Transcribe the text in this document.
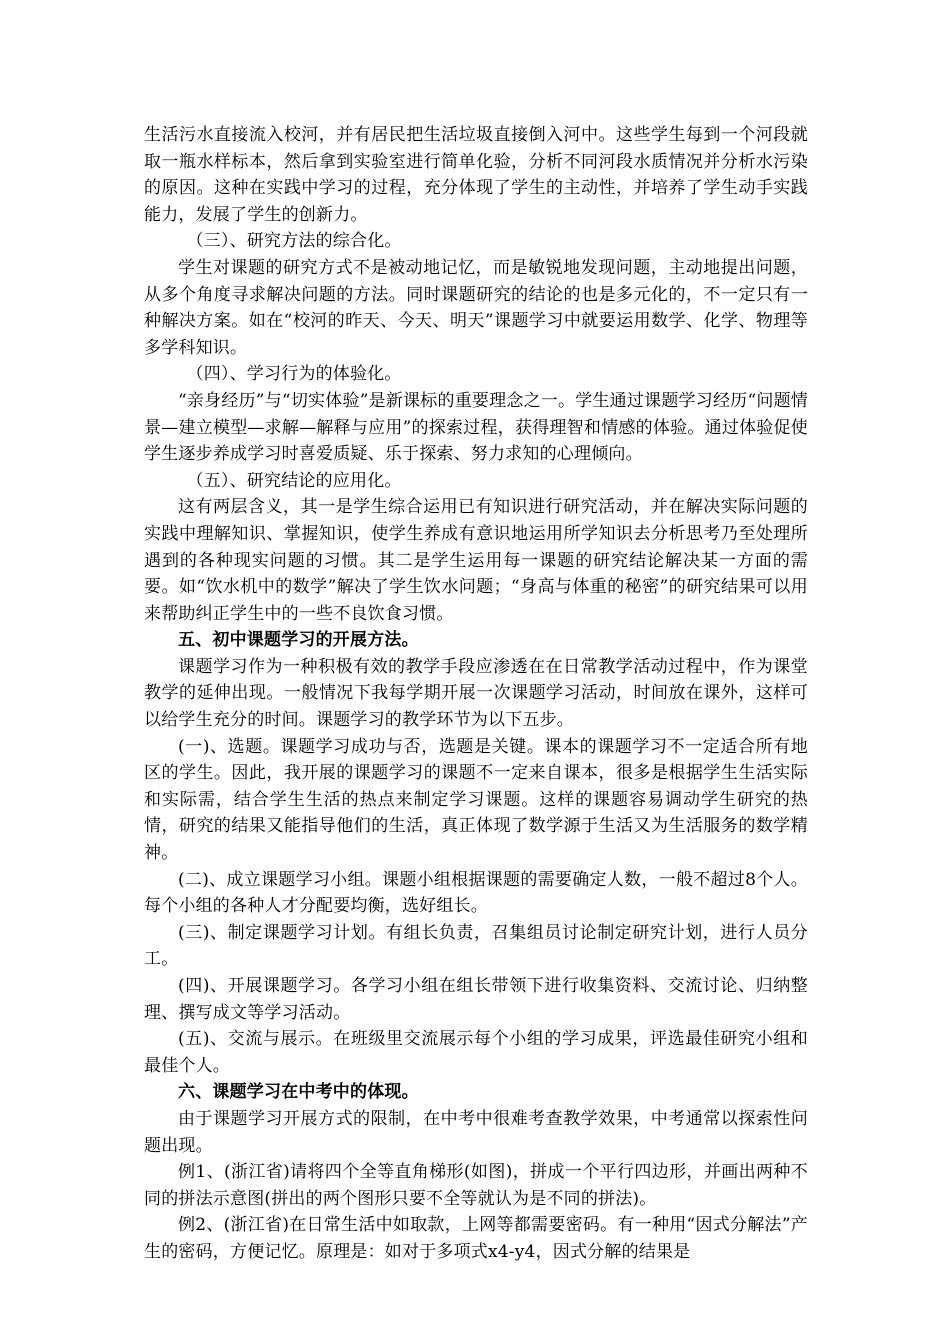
生活污水直接流入校河，并有居民把生活垃圾直接倒入河中。这些学生每到一个河段就取一瓶水样标本，然后拿到实验室进行简单化验，分析不同河段水质情况并分析水污染的原因。这种在实践中学习的过程，充分体现了学生的主动性，并培养了学生动手实践能力，发展了学生的创新力。

（三）、研究方法的综合化。

学生对课题的研究方式不是被动地记忆，而是敏锐地发现问题，主动地提出问题，从多个角度寻求解决问题的方法。同时课题研究的结论的也是多元化的，不一定只有一种解决方案。如在“校河的昨天、今天、明天”课题学习中就要运用数学、化学、物理等多学科知识。

（四）、学习行为的体验化。

“亲身经历”与“切实体验”是新课标的重要理念之一。学生通过课题学习经历“问题情景—建立模型—求解—解释与应用”的探索过程，获得理智和情感的体验。通过体验促使学生逐步养成学习时喜爱质疑、乐于探索、努力求知的心理倾向。

（五）、研究结论的应用化。

这有两层含义，其一是学生综合运用已有知识进行研究活动，并在解决实际问题的实践中理解知识、掌握知识，使学生养成有意识地运用所学知识去分析思考乃至处理所遇到的各种现实问题的习惯。其二是学生运用每一课题的研究结论解决某一方面的需要。如“饮水机中的数学”解决了学生饮水问题；“身高与体重的秘密”的研究结果可以用来帮助纠正学生中的一些不良饮食习惯。

五、初中课题学习的开展方法。

课题学习作为一种积极有效的教学手段应渗透在在日常教学活动过程中，作为课堂教学的延伸出现。一般情况下我每学期开展一次课题学习活动，时间放在课外，这样可以给学生充分的时间。课题学习的教学环节为以下五步。

(一)、选题。课题学习成功与否，选题是关键。课本的课题学习不一定适合所有地区的学生。因此，我开展的课题学习的课题不一定来自课本，很多是根据学生生活实际和实际需，结合学生生活的热点来制定学习课题。这样的课题容易调动学生研究的热情，研究的结果又能指导他们的生活，真正体现了数学源于生活又为生活服务的数学精神。

(二)、成立课题学习小组。课题小组根据课题的需要确定人数，一般不超过8个人。每个小组的各种人才分配要均衡，选好组长。

(三)、制定课题学习计划。有组长负责，召集组员讨论制定研究计划，进行人员分工。

(四)、开展课题学习。各学习小组在组长带领下进行收集资料、交流讨论、归纳整理、撰写成文等学习活动。

(五)、交流与展示。在班级里交流展示每个小组的学习成果，评选最佳研究小组和最佳个人。

六、课题学习在中考中的体现。

由于课题学习开展方式的限制，在中考中很难考查教学效果，中考通常以探索性问题出现。

例1、(浙江省)请将四个全等直角梯形(如图)，拼成一个平行四边形，并画出两种不同的拼法示意图(拼出的两个图形只要不全等就认为是不同的拼法)。

例2、(浙江省)在日常生活中如取款，上网等都需要密码。有一种用“因式分解法”产生的密码，方便记忆。原理是：如对于多项式x4-y4，因式分解的结果是
